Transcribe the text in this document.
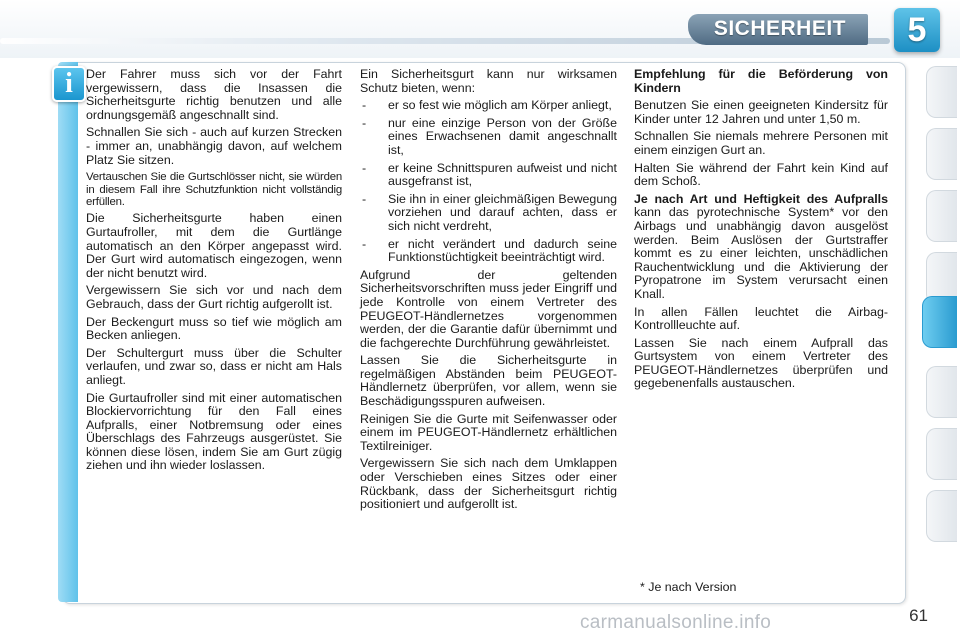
SICHERHEIT	5
i	Der Fahrer muss sich vor der Fahrt vergewissern, dass die Insassen die Sicherheitsgurte richtig benutzen und alle ordnungsgemäß angeschnallt sind.

Schnallen Sie sich - auch auf kurzen Strecken - immer an, unabhängig davon, auf welchem Platz Sie sitzen.

Vertauschen Sie die Gurtschlösser nicht, sie würden in diesem Fall ihre Schutzfunktion nicht vollständig erfüllen.

Die Sicherheitsgurte haben einen Gurtaufroller, mit dem die Gurtlänge automatisch an den Körper angepasst wird. Der Gurt wird automatisch eingezogen, wenn der nicht benutzt wird.

Vergewissern Sie sich vor und nach dem Gebrauch, dass der Gurt richtig aufgerollt ist.

Der Beckengurt muss so tief wie möglich am Becken anliegen.

Der Schultergurt muss über die Schulter verlaufen, und zwar so, dass er nicht am Hals anliegt.

Die Gurtaufroller sind mit einer automatischen Blockiervorrichtung für den Fall eines Aufpralls, einer Notbremsung oder eines Überschlags des Fahrzeugs ausgerüstet. Sie können diese lösen, indem Sie am Gurt zügig ziehen und ihn wieder loslassen.

Ein Sicherheitsgurt kann nur wirksamen Schutz bieten, wenn:

- er so fest wie möglich am Körper anliegt,
- nur eine einzige Person von der Größe eines Erwachsenen damit angeschnallt ist,
- er keine Schnittspuren aufweist und nicht ausgefranst ist,
- Sie ihn in einer gleichmäßigen Bewegung vorziehen und darauf achten, dass er sich nicht verdreht,
- er nicht verändert und dadurch seine Funktionstüchtigkeit beeinträchtigt wird.

Aufgrund der geltenden Sicherheitsvorschriften muss jeder Eingriff und jede Kontrolle von einem Vertreter des PEUGEOT-Händlernetzes vorgenommen werden, der die Garantie dafür übernimmt und die fachgerechte Durchführung gewährleistet.

Lassen Sie die Sicherheitsgurte in regelmäßigen Abständen beim PEUGEOT-Händlernetz überprüfen, vor allem, wenn sie Beschädigungsspuren aufweisen.

Reinigen Sie die Gurte mit Seifenwasser oder einem im PEUGEOT-Händlernetz erhältlichen Textilreiniger.

Vergewissern Sie sich nach dem Umklappen oder Verschieben eines Sitzes oder einer Rückbank, dass der Sicherheitsgurt richtig positioniert und aufgerollt ist.

Empfehlung für die Beförderung von Kindern

Benutzen Sie einen geeigneten Kindersitz für Kinder unter 12 Jahren und unter 1,50 m.

Schnallen Sie niemals mehrere Personen mit einem einzigen Gurt an.

Halten Sie während der Fahrt kein Kind auf dem Schoß.

Je nach Art und Heftigkeit des Aufpralls kann das pyrotechnische System* vor den Airbags und unabhängig davon ausgelöst werden. Beim Auslösen der Gurtstraffer kommt es zu einer leichten, unschädlichen Rauchentwicklung und die Aktivierung der Pyropatrone im System verursacht einen Knall.

In allen Fällen leuchtet die Airbag-Kontrollleuchte auf.

Lassen Sie nach einem Aufprall das Gurtsystem von einem Vertreter des PEUGEOT-Händlernetzes überprüfen und gegebenenfalls austauschen.

* Je nach Version
61
carmanualsonline.info
